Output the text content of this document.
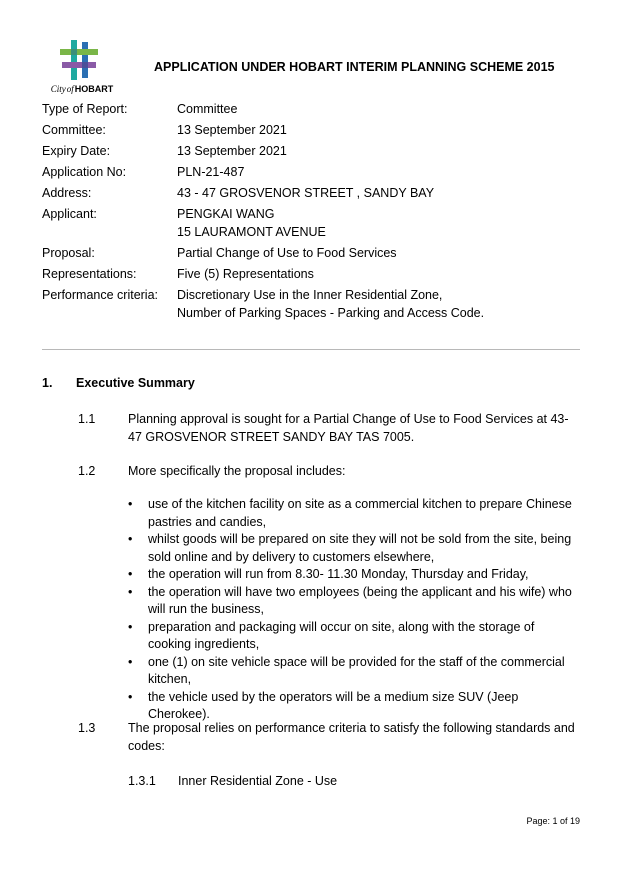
CityofHOBART
APPLICATION UNDER HOBART INTERIM PLANNING SCHEME 2015
Type of Report:	Committee
Committee:	13 September 2021
Expiry Date:	13 September 2021
Application No:	PLN-21-487
Address:	43 - 47 GROSVENOR STREET , SANDY BAY
Applicant:	PENGKAI WANG
15 LAURAMONT AVENUE
Proposal:	Partial Change of Use to Food Services
Representations:	Five (5) Representations
Performance criteria:	Discretionary Use in the Inner Residential Zone,
Number of Parking Spaces - Parking and Access Code.
1.	Executive Summary
1.1	Planning approval is sought for a Partial Change of Use to Food Services at 43-47 GROSVENOR STREET SANDY BAY TAS 7005.
1.2	More specifically the proposal includes:
•	use of the kitchen facility on site as a commercial kitchen to prepare Chinese pastries and candies,
•	whilst goods will be prepared on site they will not be sold from the site, being sold online and by delivery to customers elsewhere,
•	the operation will run from 8.30- 11.30 Monday, Thursday and Friday,
•	the operation will have two employees (being the applicant and his wife) who will run the business,
•	preparation and packaging will occur on site, along with the storage of cooking ingredients,
•	one (1) on site vehicle space will be provided for the staff of the commercial kitchen,
•	the vehicle used by the operators will be a medium size SUV (Jeep Cherokee).
1.3	The proposal relies on performance criteria to satisfy the following standards and codes:
1.3.1	Inner Residential Zone - Use
Page: 1 of 19
